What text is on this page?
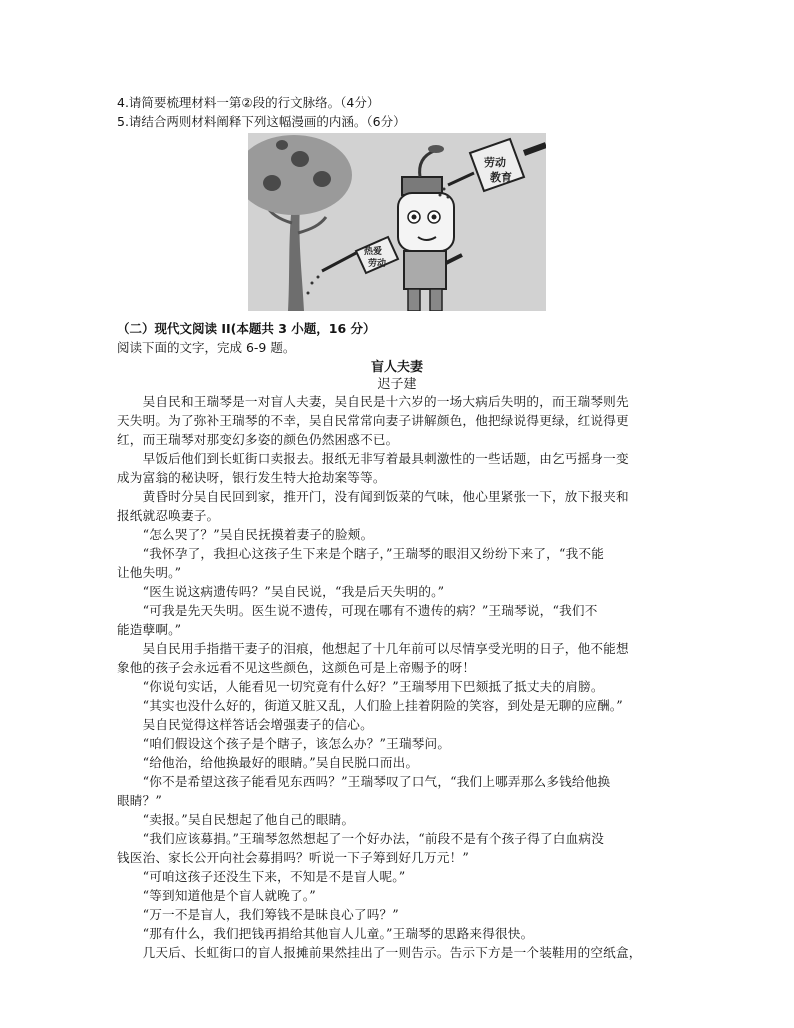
4.请简要梳理材料一第②段的行文脉络。（4分）
5.请结合两则材料阐释下列这幅漫画的内涵。（6分）
热爱
劳动
劳动
教育
（二）现代文阅读 II(本题共 3 小题，16 分）
阅读下面的文字，完成 6-9 题。
盲人夫妻
迟子建
　　吴自民和王瑞琴是一对盲人夫妻，吴自民是十六岁的一场大病后失明的，而王瑞琴则先
天失明。为了弥补王瑞琴的不幸，吴自民常常向妻子讲解颜色，他把绿说得更绿，红说得更
红，而王瑞琴对那变幻多姿的颜色仍然困惑不已。
　　早饭后他们到长虹街口卖报去。报纸无非写着最具刺激性的一些话题，由乞丐摇身一变
成为富翁的秘诀呀，银行发生特大抢劫案等等。
　　黄昏时分吴自民回到家，推开门，没有闻到饭菜的气味，他心里紧张一下，放下报夹和
报纸就忍唤妻子。
　　“怎么哭了？”吴自民抚摸着妻子的脸颊。
　　“我怀孕了，我担心这孩子生下来是个瞎子，”王瑞琴的眼泪又纷纷下来了，“我不能
让他失明。”
　　“医生说这病遗传吗？”吴自民说，“我是后天失明的。”
　　“可我是先天失明。医生说不遗传，可现在哪有不遗传的病？”王瑞琴说，“我们不
能造孽啊。”
　　吴自民用手指揩干妻子的泪痕，他想起了十几年前可以尽情享受光明的日子，他不能想
象他的孩子会永远看不见这些颜色，这颜色可是上帝赐予的呀！
　　“你说句实话，人能看见一切究竟有什么好？”王瑞琴用下巴颏抵了抵丈夫的肩膀。
　　“其实也没什么好的，街道又脏又乱，人们脸上挂着阴险的笑容，到处是无聊的应酬。”
　　吴自民觉得这样答话会增强妻子的信心。
　　“咱们假设这个孩子是个瞎子，该怎么办？”王瑞琴问。
　　“给他治，给他换最好的眼睛。”吴自民脱口而出。
　　“你不是希望这孩子能看见东西吗？”王瑞琴叹了口气，“我们上哪弄那么多钱给他换
眼睛？”
　　“卖报。”吴自民想起了他自己的眼睛。
　　“我们应该募捐。”王瑞琴忽然想起了一个好办法，“前段不是有个孩子得了白血病没
钱医治、家长公开向社会募捐吗？听说一下子筹到好几万元！”
　　“可咱这孩子还没生下来，不知是不是盲人呢。”
　　“等到知道他是个盲人就晚了。”
　　“万一不是盲人，我们筹钱不是昧良心了吗？”
　　“那有什么，我们把钱再捐给其他盲人儿童。”王瑞琴的思路来得很快。
　　几天后、长虹街口的盲人报摊前果然挂出了一则告示。告示下方是一个装鞋用的空纸盒，
